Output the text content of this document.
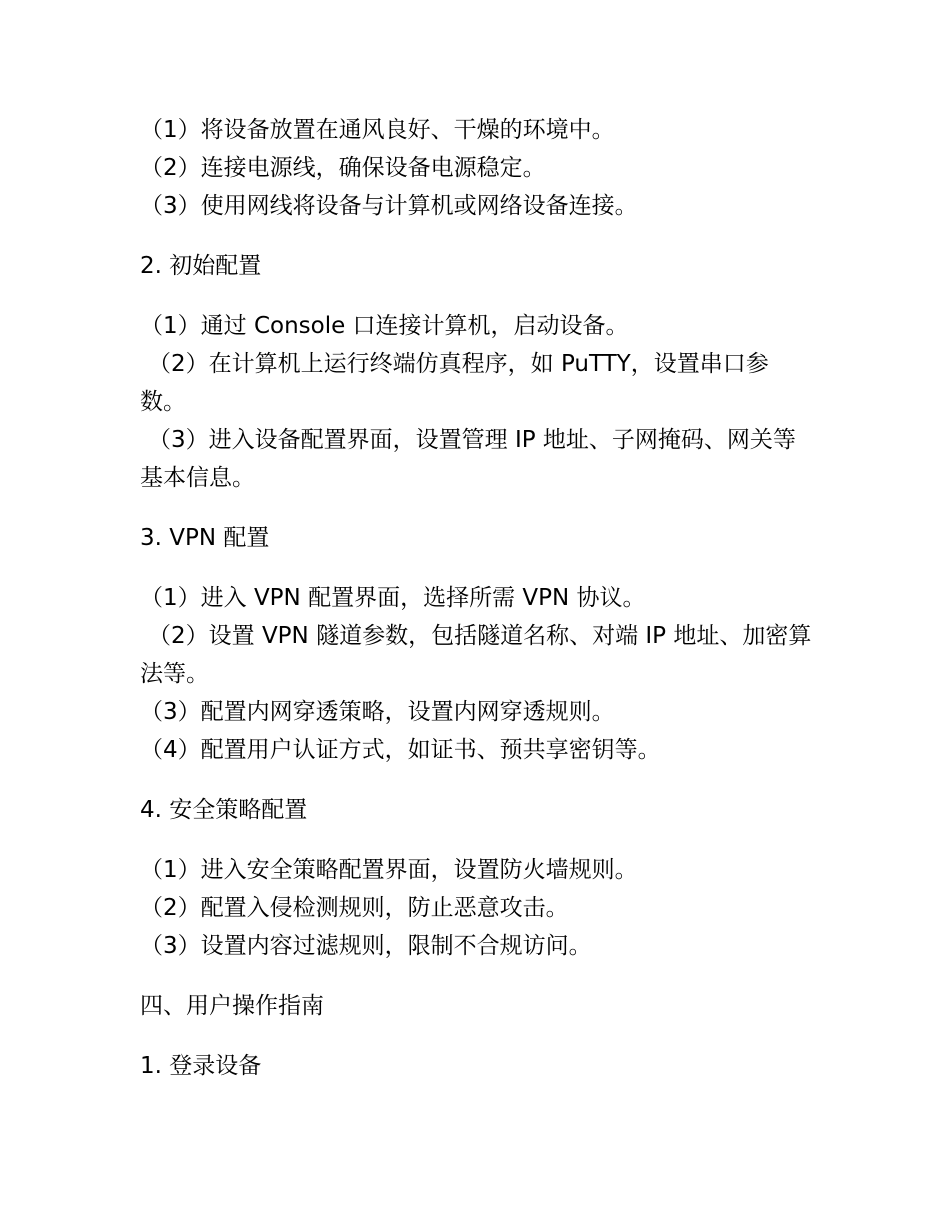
（1）将设备放置在通风良好、干燥的环境中。

（2）连接电源线，确保设备电源稳定。

（3）使用网线将设备与计算机或网络设备连接。

2. 初始配置

（1）通过 Console 口连接计算机，启动设备。

（2）在计算机上运行终端仿真程序，如 PuTTY，设置串口参数。

（3）进入设备配置界面，设置管理 IP 地址、子网掩码、网关等基本信息。

3. VPN 配置

（1）进入 VPN 配置界面，选择所需 VPN 协议。

（2）设置 VPN 隧道参数，包括隧道名称、对端 IP 地址、加密算法等。

（3）配置内网穿透策略，设置内网穿透规则。

（4）配置用户认证方式，如证书、预共享密钥等。

4. 安全策略配置

（1）进入安全策略配置界面，设置防火墙规则。

（2）配置入侵检测规则，防止恶意攻击。

（3）设置内容过滤规则，限制不合规访问。

四、用户操作指南

1. 登录设备
